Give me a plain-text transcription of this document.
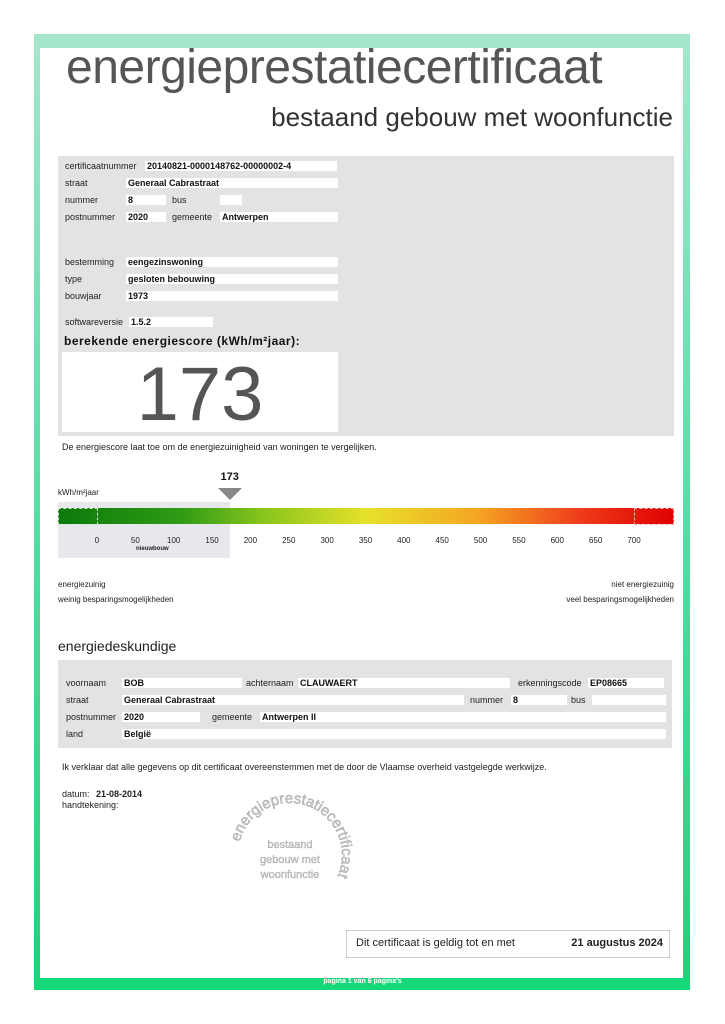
energieprestatiecertificaat
bestaand gebouw met woonfunctie
certificaatnummer 20140821-0000148762-00000002-4
straat	Generaal Cabrastraat
nummer	8	bus
postnummer 2020	gemeente Antwerpen
bestemming eengezinswoning
type	gesloten bebouwing
bouwjaar	1973
softwareversie 1.5.2
berekende energiescore (kWh/m²jaar):
173
De energiescore laat toe om de energiezuinigheid van woningen te vergelijken.
173
kWh/m²jaar
0	50	100	150	200	250	300	350	400	450	500	550	600	650	700
nieuwbouw
energiezuinig
weinig besparingsmogelijkheden
niet energiezuinig
veel besparingsmogelijkheden
energiedeskundige
voornaam BOB	achternaam CLAUWAERT	erkenningscode EP08665
straat	Generaal Cabrastraat	nummer 8	bus
postnummer 2020	gemeente Antwerpen II
land	België
Ik verklaar dat alle gegevens op dit certificaat overeenstemmen met de door de Vlaamse overheid vastgelegde werkwijze.
datum: 21-08-2014
handtekening:
energieprestatiecertificaat
bestaand
gebouw met
woonfunctie
Dit certificaat is geldig tot en met	21 augustus 2024
pagina 1 van 6 pagina's
